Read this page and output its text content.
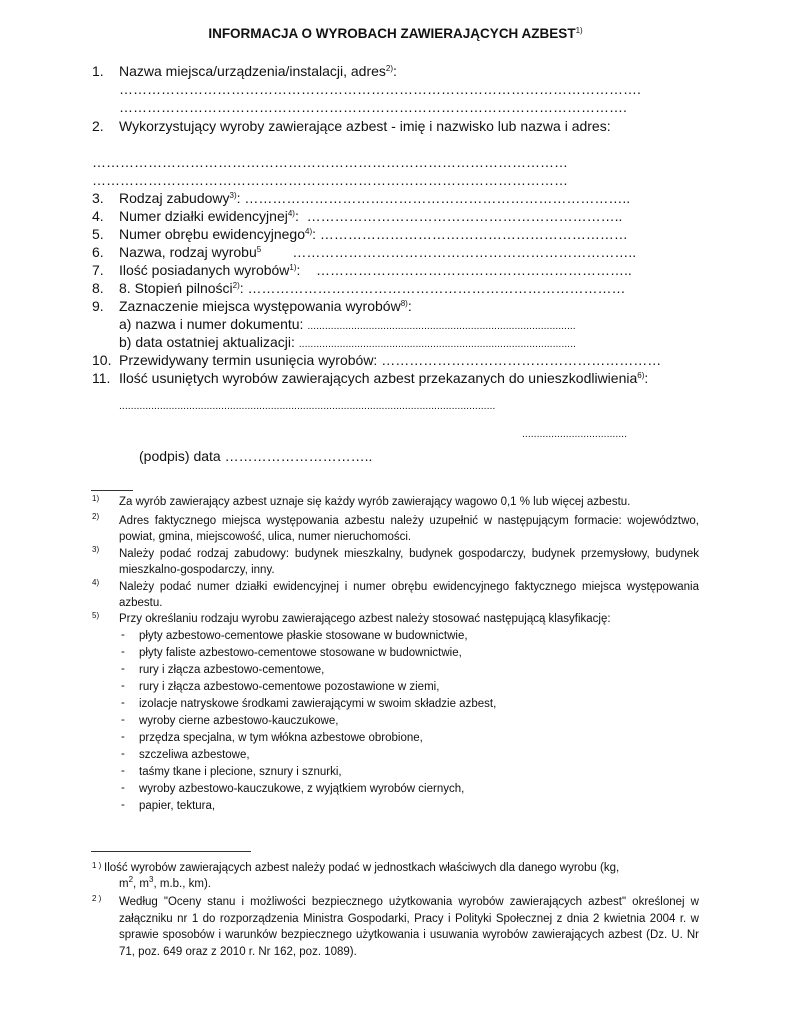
INFORMACJA O WYROBACH ZAWIERAJĄCYCH AZBEST$^{1)}$
1. Nazwa miejsca/urządzenia/instalacji, adres$^{2)}$:
………………………………………………………………………………………………….
……………………………………………………………………………………………….
2. Wykorzystujący wyroby zawierające azbest - imię i nazwisko lub nazwa i adres:
…………………………………………………………………………………………
…………………………………………………………………………………………
3. Rodzaj zabudowy$^{3)}$: ………………………………………………………………………..
4. Numer działki ewidencyjnej$^{4)}$: …………………………………………………………..
5. Numer obrębu ewidencyjnego$^{4)}$: …………………………………………………………
6. Nazwa, rodzaj wyrobu$^5$ ………………………………………………………………..
7. Ilość posiadanych wyrobów$^{1)}$: …………………………………………………………..
8. 8. Stopień pilności$^{2)}$: ………………………………………………………………………
9. Zaznaczenie miejsca występowania wyrobów$^{8)}$:
a) nazwa i numer dokumentu: ............................................................................................
b) data ostatniej aktualizacji: ...............................................................................................
10. Przewidywany termin usunięcia wyrobów: ……………………………………………………
11. Ilość usuniętych wyrobów zawierających azbest przekazanych do unieszkodliwienia$^{6)}$:
.................................................................................................................................
....................................
(podpis) data …………………………..
1) Za wyrób zawierający azbest uznaje się każdy wyrób zawierający wagowo 0,1 % lub więcej azbestu.
2) Adres faktycznego miejsca występowania azbestu należy uzupełnić w następującym formacie: województwo, powiat, gmina, miejscowość, ulica, numer nieruchomości.
3) Należy podać rodzaj zabudowy: budynek mieszkalny, budynek gospodarczy, budynek przemysłowy, budynek mieszkalno-gospodarczy, inny.
4) Należy podać numer działki ewidencyjnej i numer obrębu ewidencyjnego faktycznego miejsca występowania azbestu.
5) Przy określaniu rodzaju wyrobu zawierającego azbest należy stosować następującą klasyfikację:
- płyty azbestowo-cementowe płaskie stosowane w budownictwie,
- płyty faliste azbestowo-cementowe stosowane w budownictwie,
- rury i złącza azbestowo-cementowe,
- rury i złącza azbestowo-cementowe pozostawione w ziemi,
- izolacje natryskowe środkami zawierającymi w swoim składzie azbest,
- wyroby cierne azbestowo-kauczukowe,
- przędza specjalna, w tym włókna azbestowe obrobione,
- szczeliwa azbestowe,
- taśmy tkane i plecione, sznury i sznurki,
- wyroby azbestowo-kauczukowe, z wyjątkiem wyrobów ciernych,
- papier, tektura,
1 ) Ilość wyrobów zawierających azbest należy podać w jednostkach właściwych dla danego wyrobu (kg,
$m^2$, $m^3$, m.b., km).
2 )	Według "Oceny stanu i możliwości bezpiecznego użytkowania wyrobów zawierających azbest" określonej w załączniku nr 1 do rozporządzenia Ministra Gospodarki, Pracy i Polityki Społecznej z dnia 2 kwietnia 2004 r. w sprawie sposobów i warunków bezpiecznego użytkowania i usuwania wyrobów zawierających azbest (Dz. U. Nr 71, poz. 649 oraz z 2010 r. Nr 162, poz. 1089).
